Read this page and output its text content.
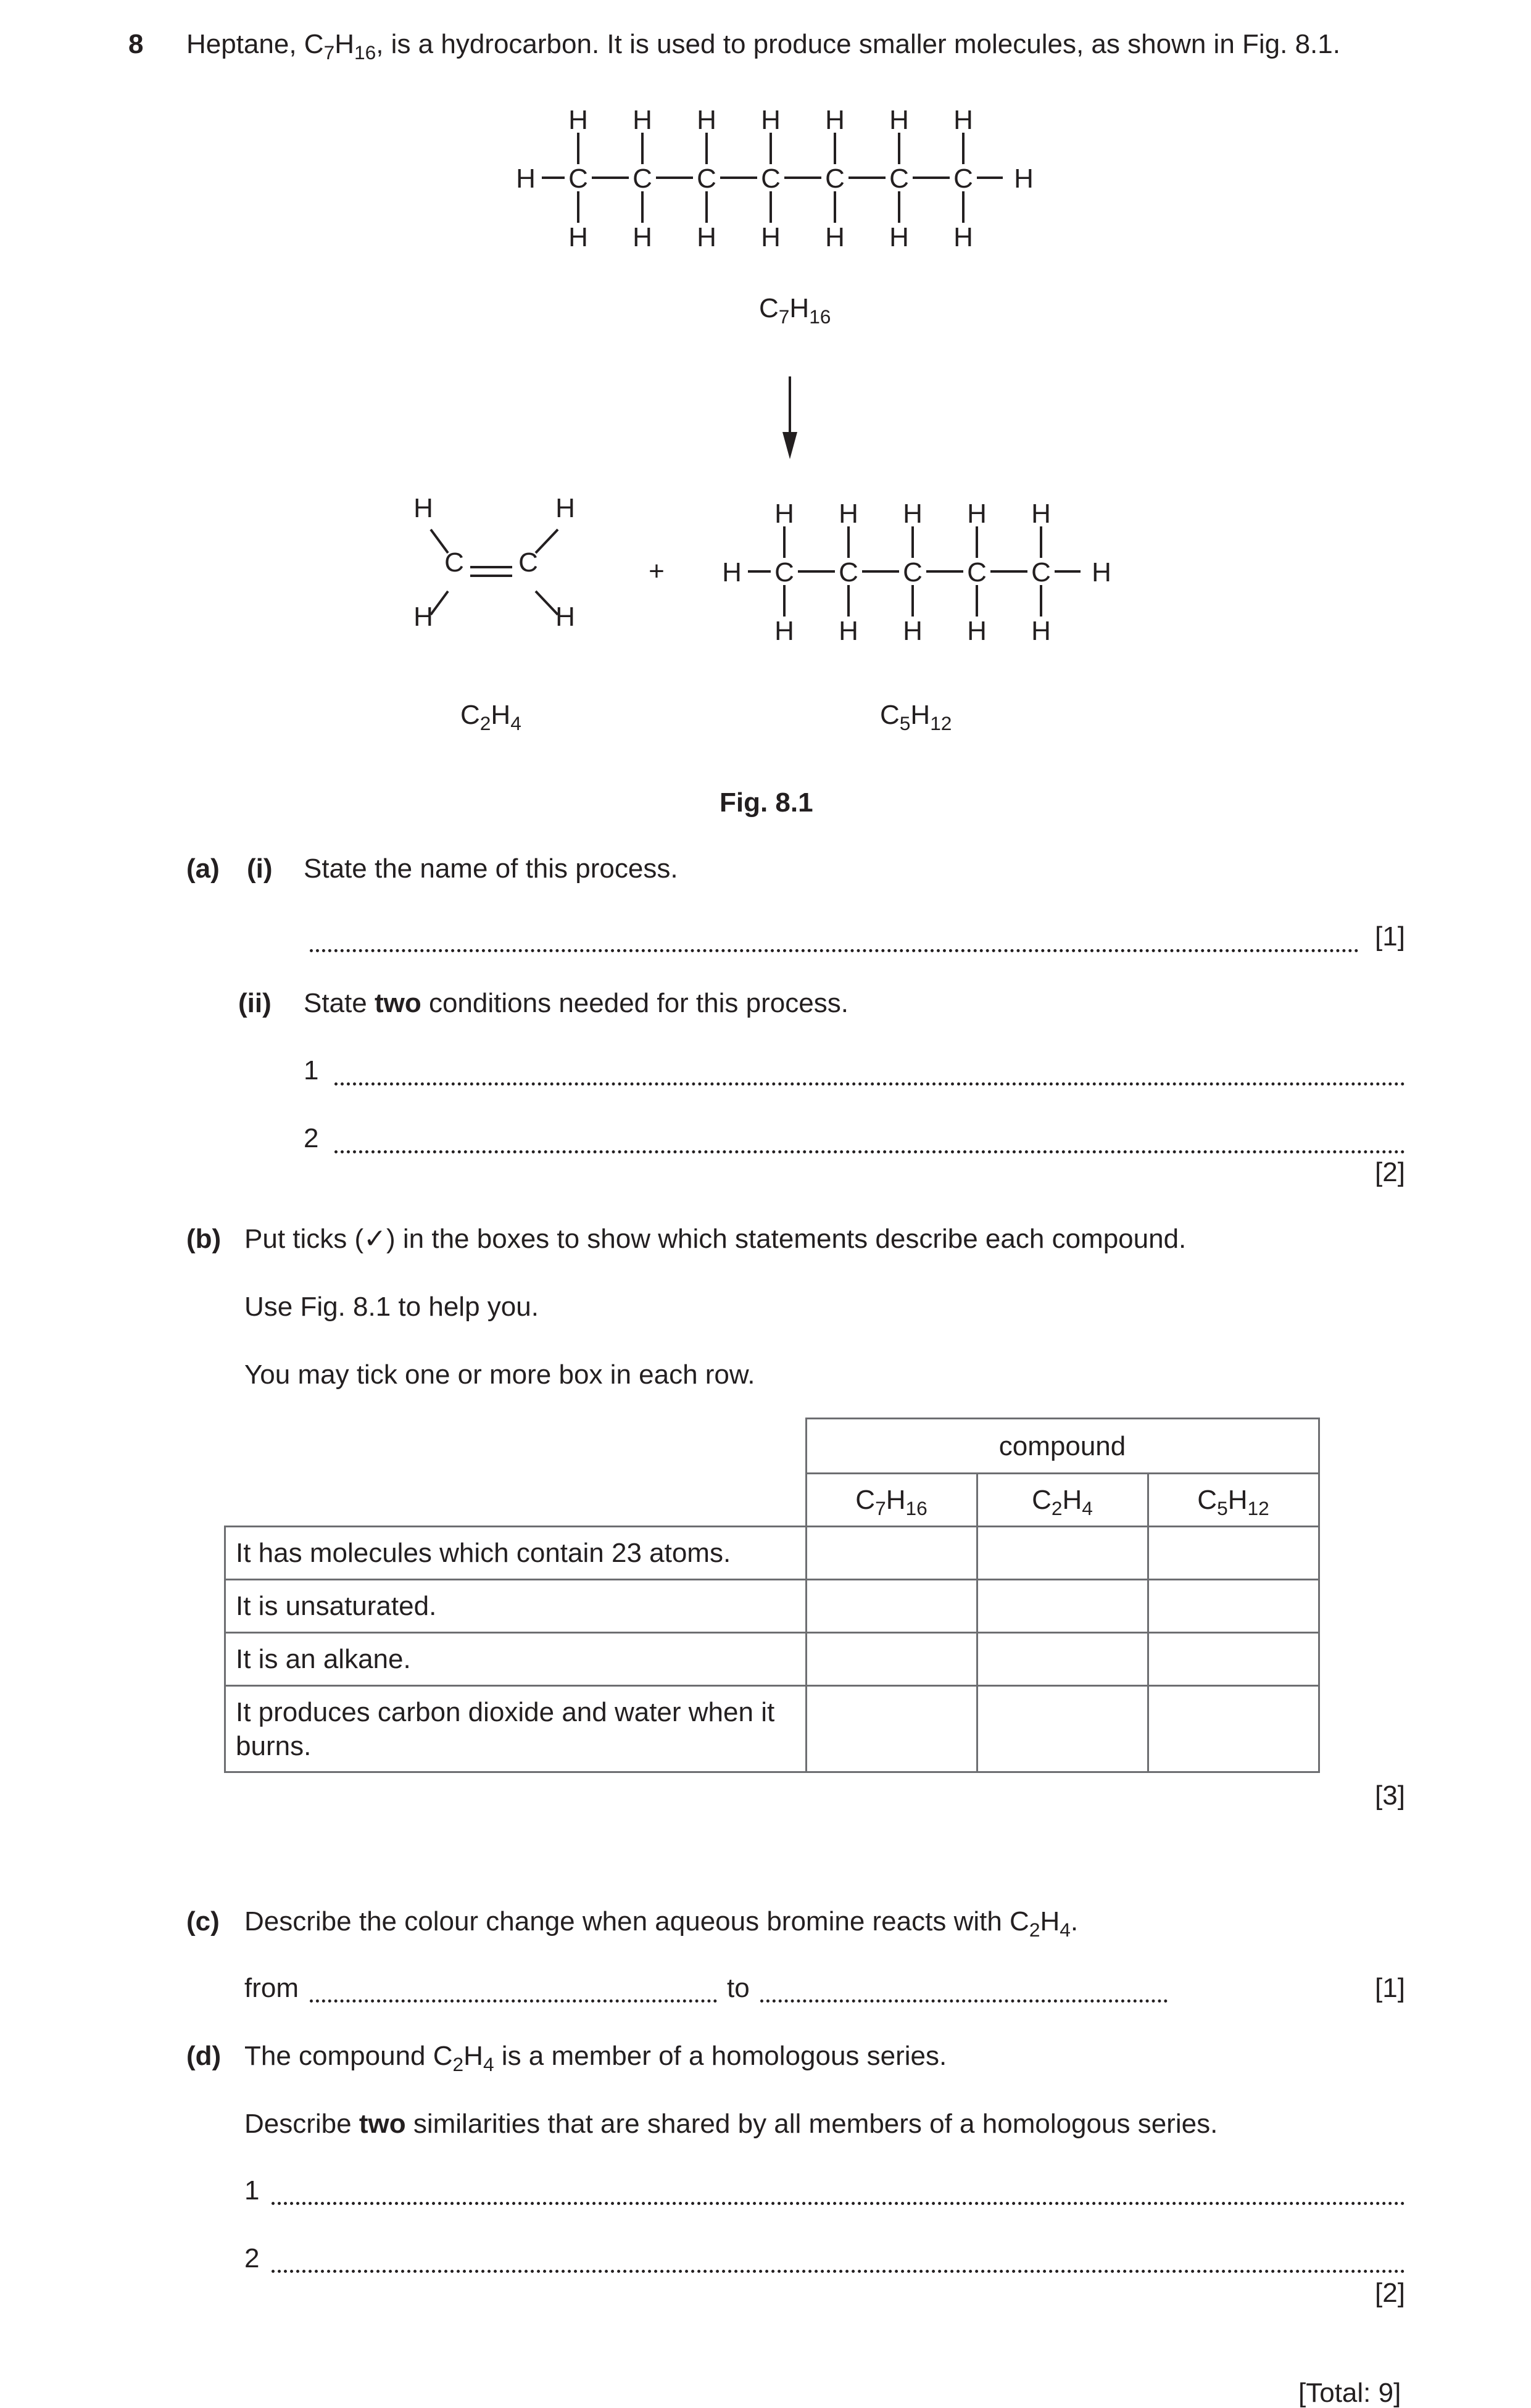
8 Heptane, $C_7H_{16}$, is a hydrocarbon. It is used to produce smaller molecules, as shown in Fig. 8.1.
H C
H
H
C
H
H
C
H
H
C
H
H
C
H
H
C
H
H
C
H
H
H
H C
H
H
C
H
H
C
H
H
C
H
H
C
H
H
H
C C
H
H
H
H
+
$C_7H_{16}$
$C_2H_4$	$C_5H_{12}$
Fig. 8.1
(a) (i) State the name of this process.
[1]
(ii) State two conditions needed for this process.
1
2
[2]
(b) Put ticks (✓) in the boxes to show which statements describe each compound.
Use Fig. 8.1 to help you.
You may tick one or more box in each row.
	compound		
	$C_7H_{16}$	$C_2H_4$	$C_5H_{12}$
It has molecules which contain 23 atoms.			
It is unsaturated.			
It is an alkane.			
It produces carbon dioxide and water when it burns.			
[3]
(c) Describe the colour change when aqueous bromine reacts with $C_2H_4$.
from	to	[1]
(d) The compound $C_2H_4$ is a member of a homologous series.
Describe two similarities that are shared by all members of a homologous series.
1
2
[2]
[Total: 9]
